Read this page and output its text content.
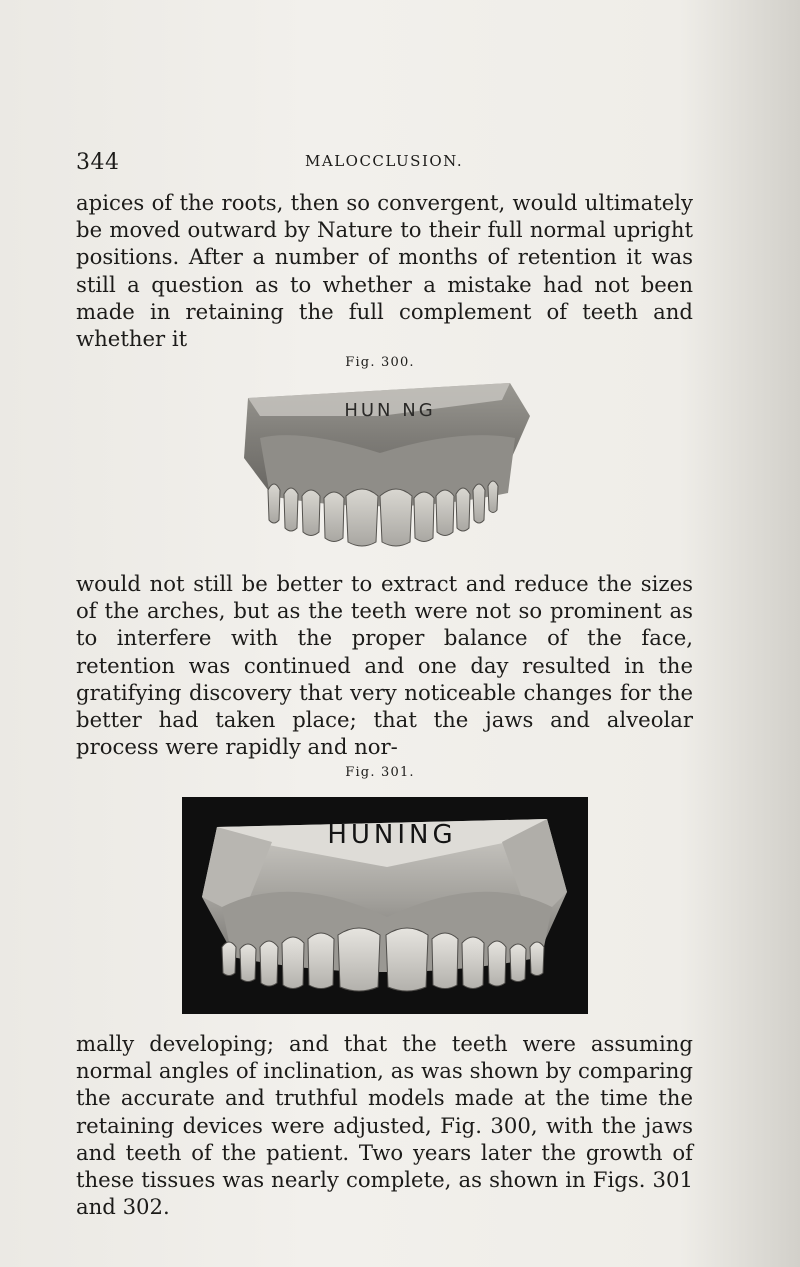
344	MALOCCLUSION.

apices of the roots, then so convergent, would ultimately be moved outward by Nature to their full normal upright positions. After a number of months of retention it was still a question as to whether a mistake had not been made in retaining the full complement of teeth and whether it

Fig. 300.
HUN NG

would not still be better to extract and reduce the sizes of the arches, but as the teeth were not so prominent as to interfere with the proper balance of the face, retention was continued and one day resulted in the gratifying discovery that very noticeable changes for the better had taken place; that the jaws and alveolar process were rapidly and nor-

Fig. 301.
HUNING

mally developing; and that the teeth were assuming normal angles of inclination, as was shown by comparing the accurate and truthful models made at the time the retaining devices were adjusted, Fig. 300, with the jaws and teeth of the patient. Two years later the growth of these tissues was nearly complete, as shown in Figs. 301 and 302.
